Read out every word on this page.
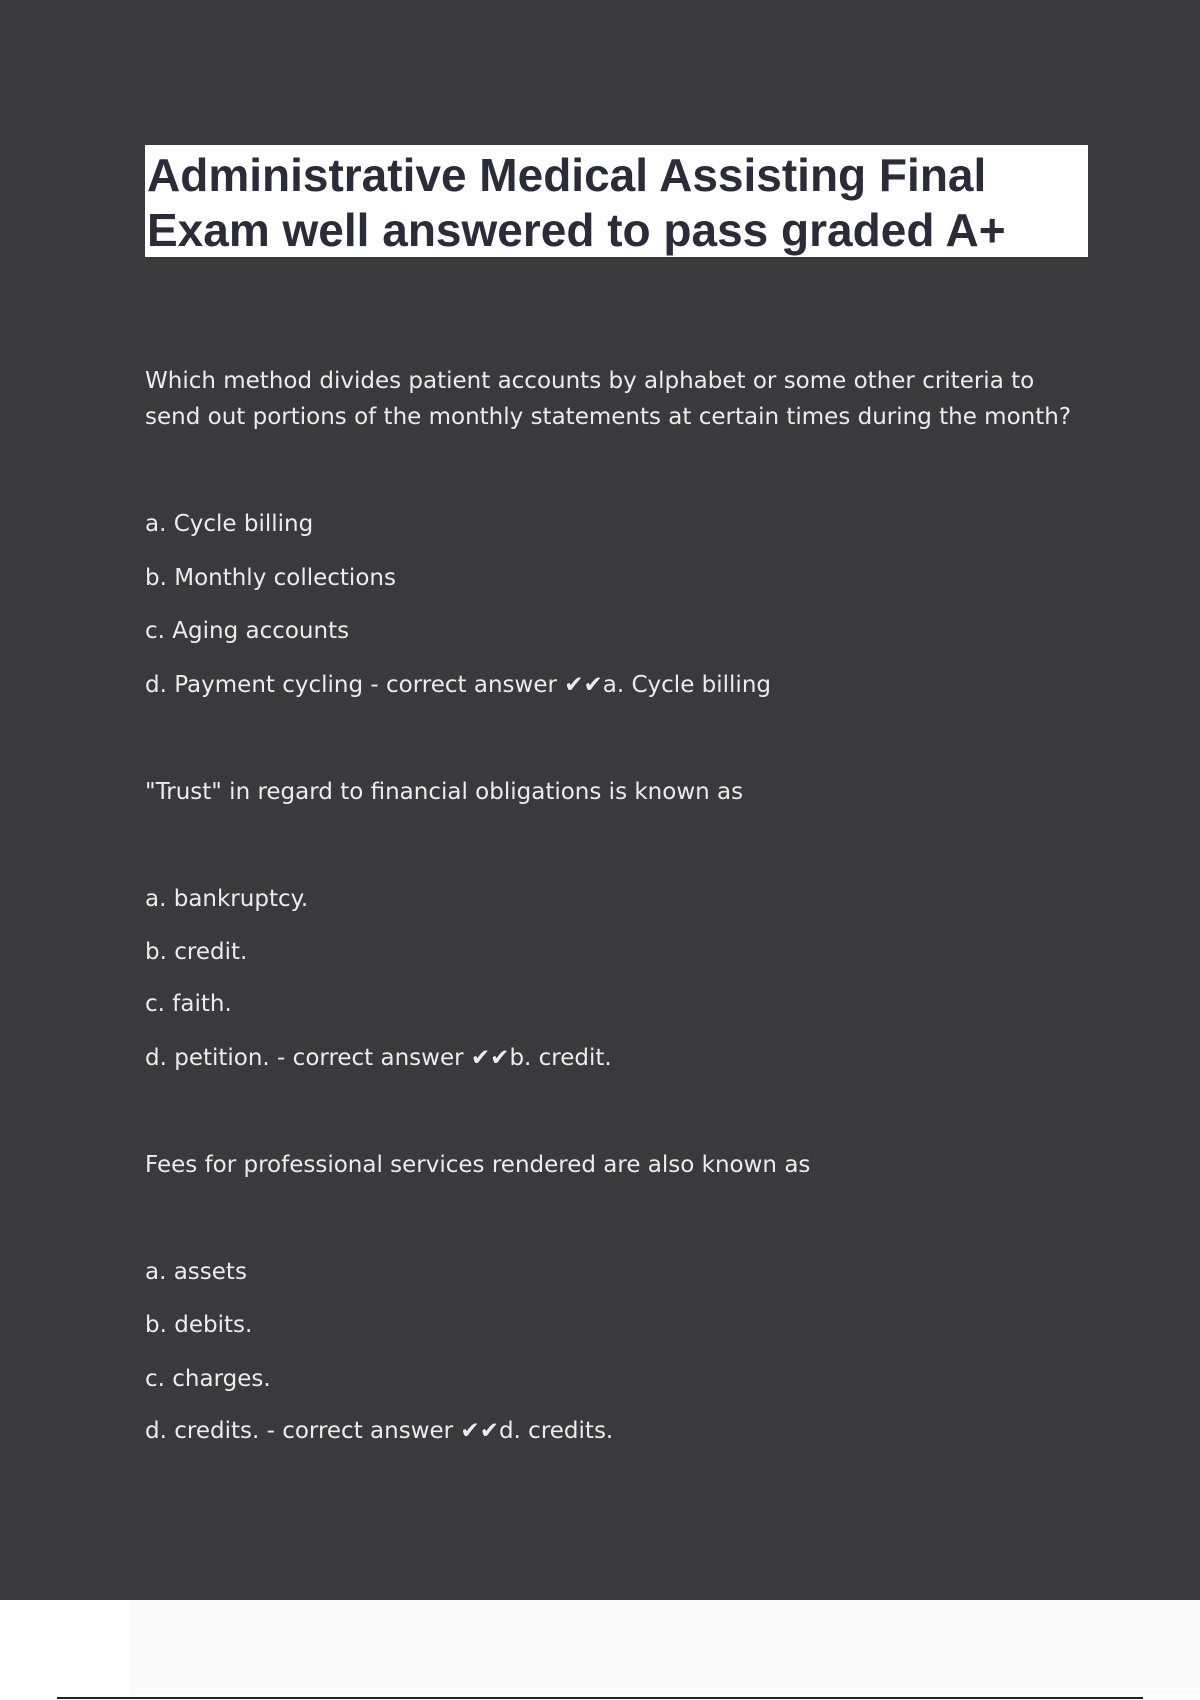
Administrative Medical Assisting Final
Exam well answered to pass graded A+
Which method divides patient accounts by alphabet or some other criteria to
send out portions of the monthly statements at certain times during the month?
a. Cycle billing
b. Monthly collections
c. Aging accounts
d. Payment cycling - correct answer ✔✔a. Cycle billing
"Trust" in regard to financial obligations is known as
a. bankruptcy.
b. credit.
c. faith.
d. petition. - correct answer ✔✔b. credit.
Fees for professional services rendered are also known as
a. assets
b. debits.
c. charges.
d. credits. - correct answer ✔✔d. credits.
